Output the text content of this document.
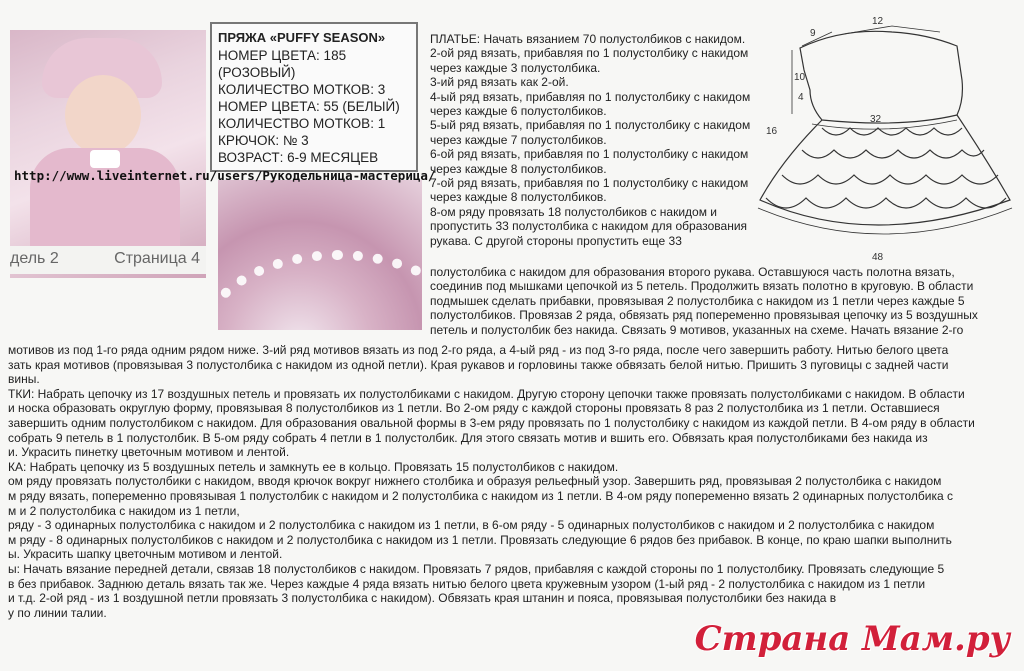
дель 2	Страница 4
ПРЯЖА «PUFFY SEASON»
НОМЕР ЦВЕТА: 185 (РОЗОВЫЙ)
КОЛИЧЕСТВО МОТКОВ: 3
НОМЕР ЦВЕТА: 55 (БЕЛЫЙ)
КОЛИЧЕСТВО МОТКОВ: 1
КРЮЧОК: № 3
ВОЗРАСТ: 6-9 МЕСЯЦЕВ
http://www.liveinternet.ru/users/Рукодельница-мастерица/
ПЛАТЬЕ: Начать вязанием 70 полустолбиков с накидом.
2-ой ряд вязать, прибавляя по 1 полустолбику с накидом
через каждые 3 полустолбика.
3-ий ряд вязать как 2-ой.
4-ый ряд вязать, прибавляя по 1 полустолбику с накидом
через каждые 6 полустолбиков.
5-ый ряд вязать, прибавляя по 1 полустолбику с накидом
через каждые 7 полустолбиков.
6-ой ряд вязать, прибавляя по 1 полустолбику с накидом
через каждые 8 полустолбиков.
7-ой ряд вязать, прибавляя по 1 полустолбику с накидом
через каждые 8 полустолбиков.
8-ом ряду провязать 18 полустолбиков с накидом и
пропустить 33 полустолбика с накидом для образования
рукава. С другой стороны пропустить еще 33
12
9
10
4
32
16
48
полустолбика с накидом для образования второго рукава. Оставшуюся часть полотна вязать,
соединив под мышками цепочкой из 5 петель. Продолжить вязать полотно в круговую. В области
подмышек сделать прибавки, провязывая 2 полустолбика с накидом из 1 петли через каждые 5
полустолбиков. Провязав 2 ряда, обвязать ряд попеременно провязывая цепочку из 5 воздушных
петель и полустолбик без накида. Связать 9 мотивов, указанных на схеме. Начать вязание 2-го
мотивов из под 1-го ряда одним рядом ниже. 3-ий ряд мотивов вязать из под 2-го ряда, а 4-ый ряд - из под 3-го ряда, после чего завершить работу. Нитью белого цвета
зать края мотивов (провязывая 3 полустолбика с накидом из одной петли). Края рукавов и горловины также обвязать белой нитью. Пришить 3 пуговицы с задней части
вины.
ТКИ: Набрать цепочку из 17 воздушных петель и провязать их полустолбиками с накидом. Другую сторону цепочки также провязать полустолбиками с накидом. В области
и носка образовать округлую форму, провязывая 8 полустолбиков из 1 петли. Во 2-ом ряду с каждой стороны провязать 8 раз 2 полустолбика из 1 петли. Оставшиеся
завершить одним полустолбиком с накидом. Для образования овальной формы в 3-ем ряду провязать по 1 полустолбику с накидом из каждой петли. В 4-ом ряду в области
собрать 9 петель в 1 полустолбик. В 5-ом ряду собрать 4 петли в 1 полустолбик. Для этого связать мотив и вшить его. Обвязать края полустолбиками без накида из
и. Украсить пинетку цветочным мотивом и лентой.
КА: Набрать цепочку из 5 воздушных петель и замкнуть ее в кольцо. Провязать 15 полустолбиков с накидом.
ом ряду провязать полустолбики с накидом, вводя крючок вокруг нижнего столбика и образуя рельефный узор. Завершить ряд, провязывая 2 полустолбика с накидом
м ряду вязать, попеременно провязывая 1 полустолбик с накидом и 2 полустолбика с накидом из 1 петли. В 4-ом ряду попеременно вязать 2 одинарных полустолбика с
м и 2 полустолбика с накидом из 1 петли,
ряду - 3 одинарных полустолбика с накидом и 2 полустолбика с накидом из 1 петли, в 6-ом ряду - 5 одинарных полустолбиков с накидом и 2 полустолбика с накидом
м ряду - 8 одинарных полустолбиков с накидом и 2 полустолбика с накидом из 1 петли. Провязать следующие 6 рядов без прибавок. В конце, по краю шапки выполнить
ы. Украсить шапку цветочным мотивом и лентой.
ы: Начать вязание передней детали, связав 18 полустолбиков с накидом. Провязать 7 рядов, прибавляя с каждой стороны по 1 полустолбику. Провязать следующие 5
в без прибавок. Заднюю деталь вязать так же. Через каждые 4 ряда вязать нитью белого цвета кружевным узором (1-ый ряд - 2 полустолбика с накидом из 1 петли
и т.д. 2-ой ряд - из 1 воздушной петли провязать 3 полустолбика с накидом). Обвязать края штанин и пояса, провязывая полустолбики без накида в
у по линии талии.
Страна Мам.ру
